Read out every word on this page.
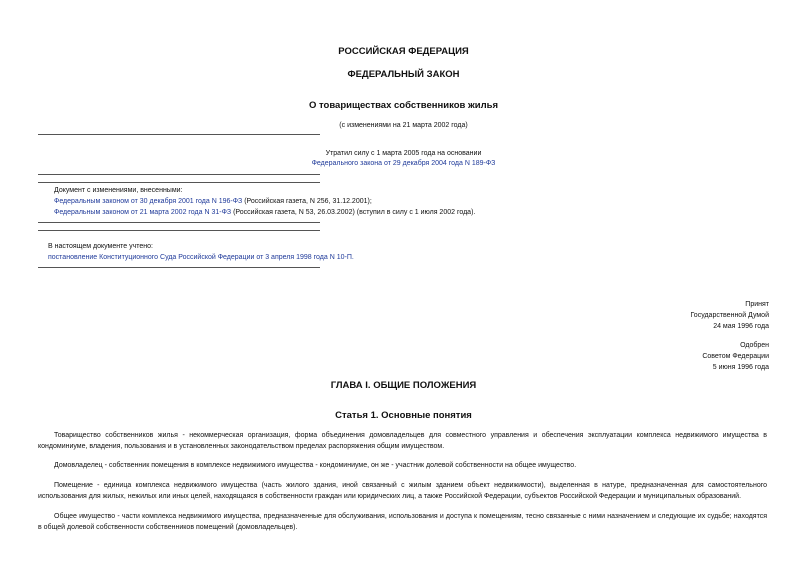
РОССИЙСКАЯ ФЕДЕРАЦИЯ
ФЕДЕРАЛЬНЫЙ ЗАКОН
О товариществах собственников жилья
(с изменениями на 21 марта 2002 года)
Утратил силу с 1 марта 2005 года на основании
Федерального закона от 29 декабря 2004 года N 189-ФЗ
Документ с изменениями, внесенными:
Федеральным законом от 30 декабря 2001 года N 196-ФЗ (Российская газета, N 256, 31.12.2001);
Федеральным законом от 21 марта 2002 года N 31-ФЗ (Российская газета, N 53, 26.03.2002) (вступил в силу с 1 июля 2002 года).
В настоящем документе учтено:
постановление Конституционного Суда Российской Федерации от 3 апреля 1998 года N 10-П.
Принят
Государственной Думой
24 мая 1996 года
Одобрен
Советом Федерации
5 июня 1996 года
ГЛАВА I. ОБЩИЕ ПОЛОЖЕНИЯ
Статья 1. Основные понятия
Товарищество собственников жилья - некоммерческая организация, форма объединения домовладельцев для совместного управления и обеспечения эксплуатации комплекса недвижимого имущества в кондоминиуме, владения, пользования и в установленных законодательством пределах распоряжения общим имуществом.
Домовладелец - собственник помещения в комплексе недвижимого имущества - кондоминиуме, он же - участник долевой собственности на общее имущество.
Помещение - единица комплекса недвижимого имущества (часть жилого здания, иной связанный с жилым зданием объект недвижимости), выделенная в натуре, предназначенная для самостоятельного использования для жилых, нежилых или иных целей, находящаяся в собственности граждан или юридических лиц, а также Российской Федерации, субъектов Российской Федерации и муниципальных образований.
Общее имущество - части комплекса недвижимого имущества, предназначенные для обслуживания, использования и доступа к помещениям, тесно связанные с ними назначением и следующие их судьбе; находятся в общей долевой собственности собственников помещений (домовладельцев).
